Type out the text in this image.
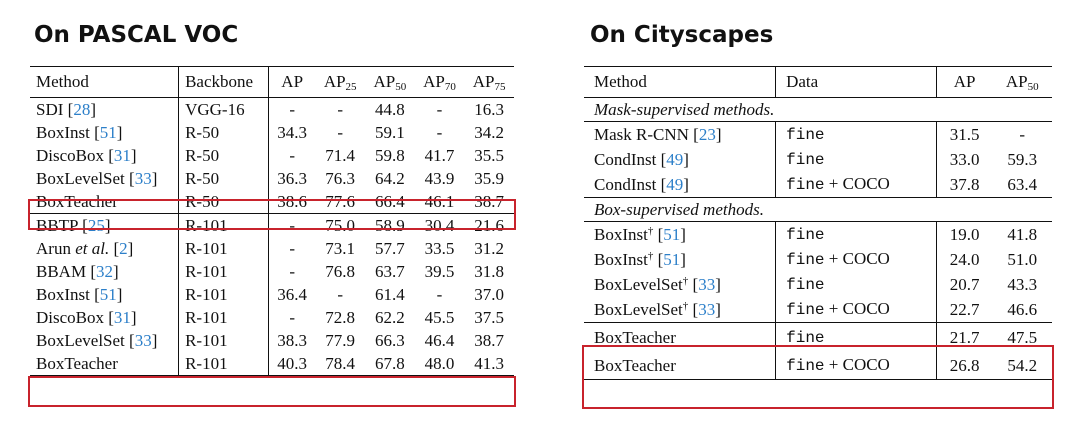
On PASCAL VOC
Method	Backbone	AP	$AP_{25}$	$AP_{50}$	$AP_{70}$	$AP_{75}$
SDI [28]	VGG-16	-	-	44.8	-	16.3
BoxInst [51]	R-50	34.3	-	59.1	-	34.2
DiscoBox [31]	R-50	-	71.4	59.8	41.7	35.5
BoxLevelSet [33]	R-50	36.3	76.3	64.2	43.9	35.9
BoxTeacher	R-50	38.6	77.6	66.4	46.1	38.7
BBTP [25]	R-101	-	75.0	58.9	30.4	21.6
Arun et al. [2]	R-101	-	73.1	57.7	33.5	31.2
BBAM [32]	R-101	-	76.8	63.7	39.5	31.8
BoxInst [51]	R-101	36.4	-	61.4	-	37.0
DiscoBox [31]	R-101	-	72.8	62.2	45.5	37.5
BoxLevelSet [33]	R-101	38.3	77.9	66.3	46.4	38.7
BoxTeacher	R-101	40.3	78.4	67.8	48.0	41.3
On Cityscapes
Method	Data	AP	$AP_{50}$
Mask-supervised methods.			
Mask R-CNN [23]	fine	31.5	-
CondInst [49]	fine	33.0	59.3
CondInst [49]	fine + COCO	37.8	63.4
Box-supervised methods.			
BoxInst† [51]	fine	19.0	41.8
BoxInst† [51]	fine + COCO	24.0	51.0
BoxLevelSet† [33]	fine	20.7	43.3
BoxLevelSet† [33]	fine + COCO	22.7	46.6
BoxTeacher	fine	21.7	47.5
BoxTeacher	fine + COCO	26.8	54.2
